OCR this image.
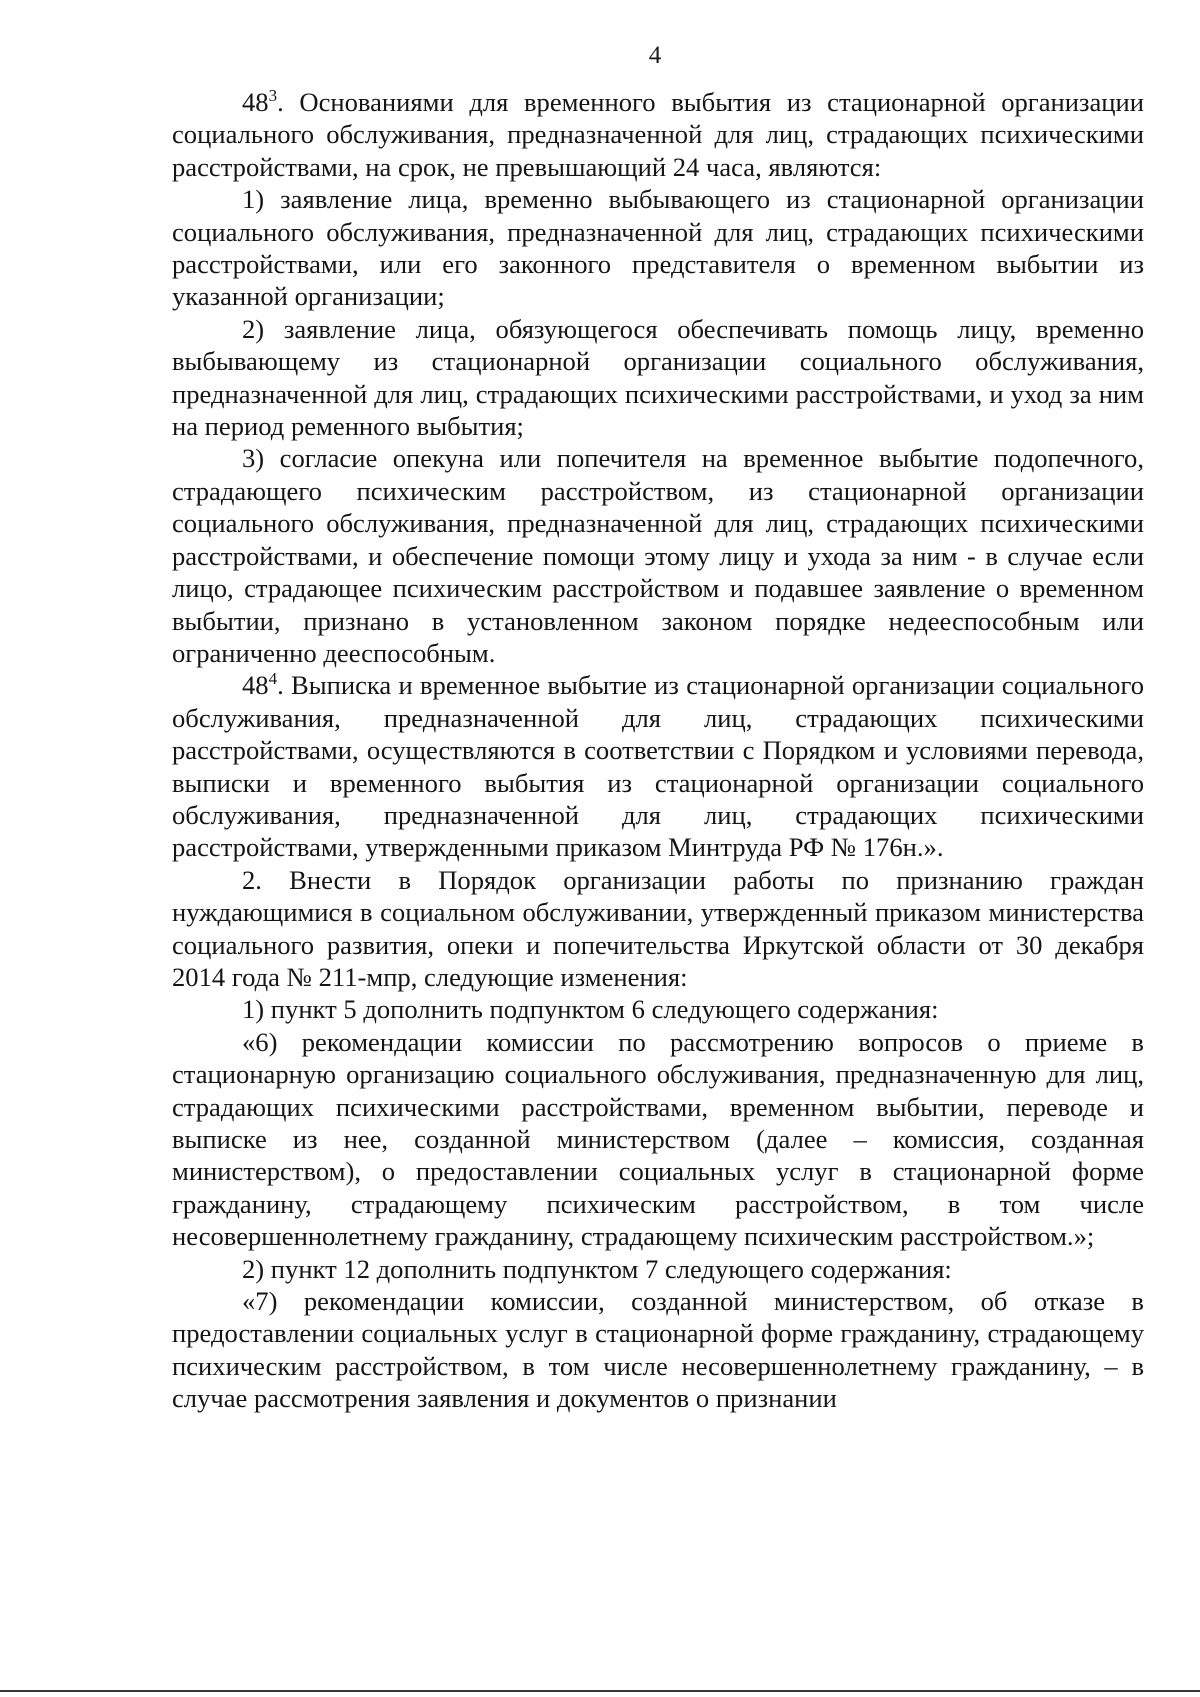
4

$48^3$. Основаниями для временного выбытия из стационарной организации социального обслуживания, предназначенной для лиц, страдающих психическими расстройствами, на срок, не превышающий 24 часа, являются:

1) заявление лица, временно выбывающего из стационарной организации социального обслуживания, предназначенной для лиц, страдающих психическими расстройствами, или его законного представителя о временном выбытии из указанной организации;

2) заявление лица, обязующегося обеспечивать помощь лицу, временно выбывающему из стационарной организации социального обслуживания, предназначенной для лиц, страдающих психическими расстройствами, и уход за ним на период ременного выбытия;

3) согласие опекуна или попечителя на временное выбытие подопечного, страдающего психическим расстройством, из стационарной организации социального обслуживания, предназначенной для лиц, страдающих психическими расстройствами, и обеспечение помощи этому лицу и ухода за ним - в случае если лицо, страдающее психическим расстройством и подавшее заявление о временном выбытии, признано в установленном законом порядке недееспособным или ограниченно дееспособным.

$48^4$. Выписка и временное выбытие из стационарной организации социального обслуживания, предназначенной для лиц, страдающих психическими расстройствами, осуществляются в соответствии с Порядком и условиями перевода, выписки и временного выбытия из стационарной организации социального обслуживания, предназначенной для лиц, страдающих психическими расстройствами, утвержденными приказом Минтруда РФ № 176н.».

2. Внести в Порядок организации работы по признанию граждан нуждающимися в социальном обслуживании, утвержденный приказом министерства социального развития, опеки и попечительства Иркутской области от 30 декабря 2014 года № 211-мпр, следующие изменения:

1) пункт 5 дополнить подпунктом 6 следующего содержания:

«6) рекомендации комиссии по рассмотрению вопросов о приеме в стационарную организацию социального обслуживания, предназначенную для лиц, страдающих психическими расстройствами, временном выбытии, переводе и выписке из нее, созданной министерством (далее – комиссия, созданная министерством), о предоставлении социальных услуг в стационарной форме гражданину, страдающему психическим расстройством, в том числе несовершеннолетнему гражданину, страдающему психическим расстройством.»;

2) пункт 12 дополнить подпунктом 7 следующего содержания:

«7) рекомендации комиссии, созданной министерством, об отказе в предоставлении социальных услуг в стационарной форме гражданину, страдающему психическим расстройством, в том числе несовершеннолетнему гражданину, – в случае рассмотрения заявления и документов о признании
